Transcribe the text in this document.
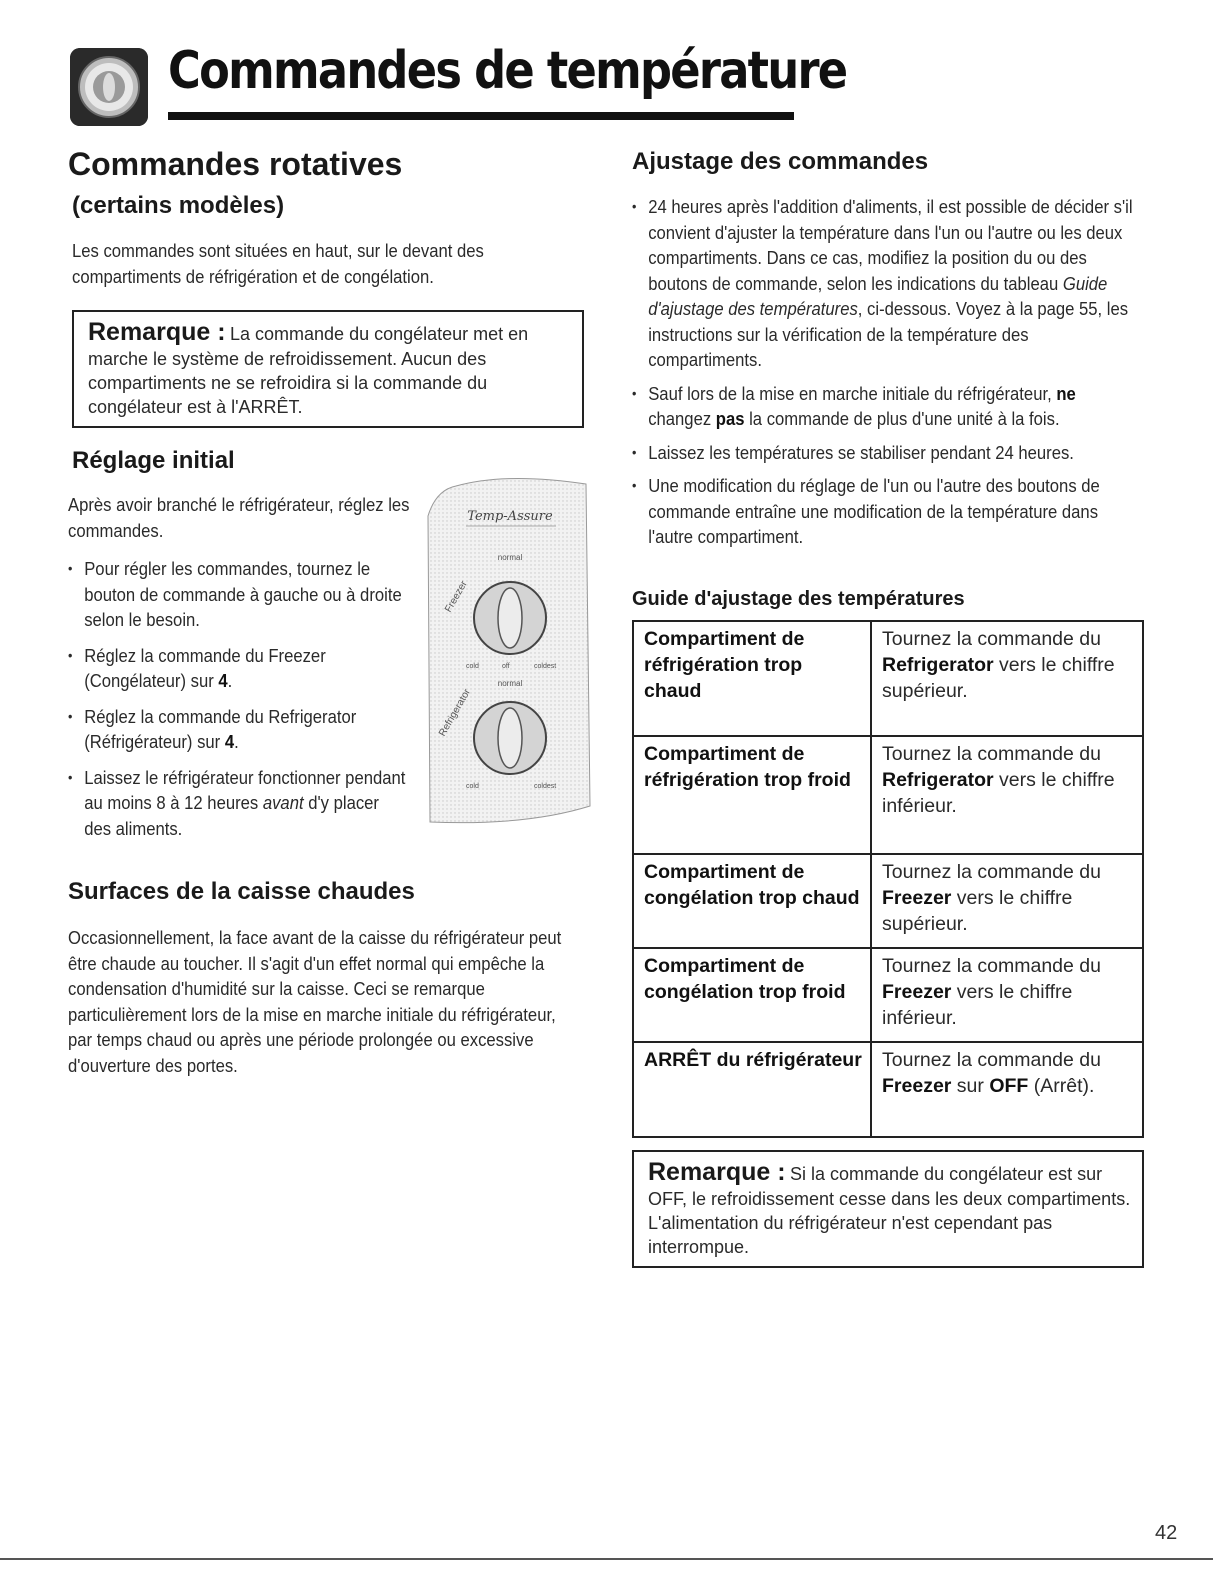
Commandes de température
Commandes rotatives
(certains modèles)
Les commandes sont situées en haut, sur le devant des compartiments de réfrigération et de congélation.
Remarque : La commande du congélateur met en marche le système de refroidissement. Aucun des compartiments ne se refroidira si la commande du congélateur est à l'ARRÊT.
Réglage initial
Après avoir branché le réfrigérateur, réglez les commandes.
• Pour régler les commandes, tournez le bouton de commande à gauche ou à droite selon le besoin.
• Réglez la commande du Freezer (Congélateur) sur 4.
• Réglez la commande du Refrigerator (Réfrigérateur) sur 4.
• Laissez le réfrigérateur fonctionner pendant au moins 8 à 12 heures avant d'y placer des aliments.
Temp-Assure
normal
Freezer
cold	off	coldest
normal
Refrigerator
cold	coldest
Surfaces de la caisse chaudes
Occasionnellement, la face avant de la caisse du réfrigérateur peut être chaude au toucher. Il s'agit d'un effet normal qui empêche la condensation d'humidité sur la caisse. Ceci se remarque particulièrement lors de la mise en marche initiale du réfrigérateur, par temps chaud ou après une période prolongée ou excessive d'ouverture des portes.
Ajustage des commandes
• 24 heures après l'addition d'aliments, il est possible de décider s'il convient d'ajuster la température dans l'un ou l'autre ou les deux compartiments. Dans ce cas, modifiez la position du ou des boutons de commande, selon les indications du tableau Guide d'ajustage des températures, ci-dessous. Voyez à la page 55, les instructions sur la vérification de la température des compartiments.
• Sauf lors de la mise en marche initiale du réfrigérateur, ne changez pas la commande de plus d'une unité à la fois.
• Laissez les températures se stabiliser pendant 24 heures.
• Une modification du réglage de l'un ou l'autre des boutons de commande entraîne une modification de la température dans l'autre compartiment.
Guide d'ajustage des températures
Compartiment de réfrigération trop chaud	Tournez la commande du Refrigerator vers le chiffre supérieur.
Compartiment de réfrigération trop froid	Tournez la commande du Refrigerator vers le chiffre inférieur.
Compartiment de congélation trop chaud	Tournez la commande du Freezer vers le chiffre supérieur.
Compartiment de congélation trop froid	Tournez la commande du Freezer vers le chiffre inférieur.
ARRÊT du réfrigérateur	Tournez la commande du Freezer sur OFF (Arrêt).
Remarque : Si la commande du congélateur est sur OFF, le refroidissement cesse dans les deux compartiments. L'alimentation du réfrigérateur n'est cependant pas interrompue.
42
